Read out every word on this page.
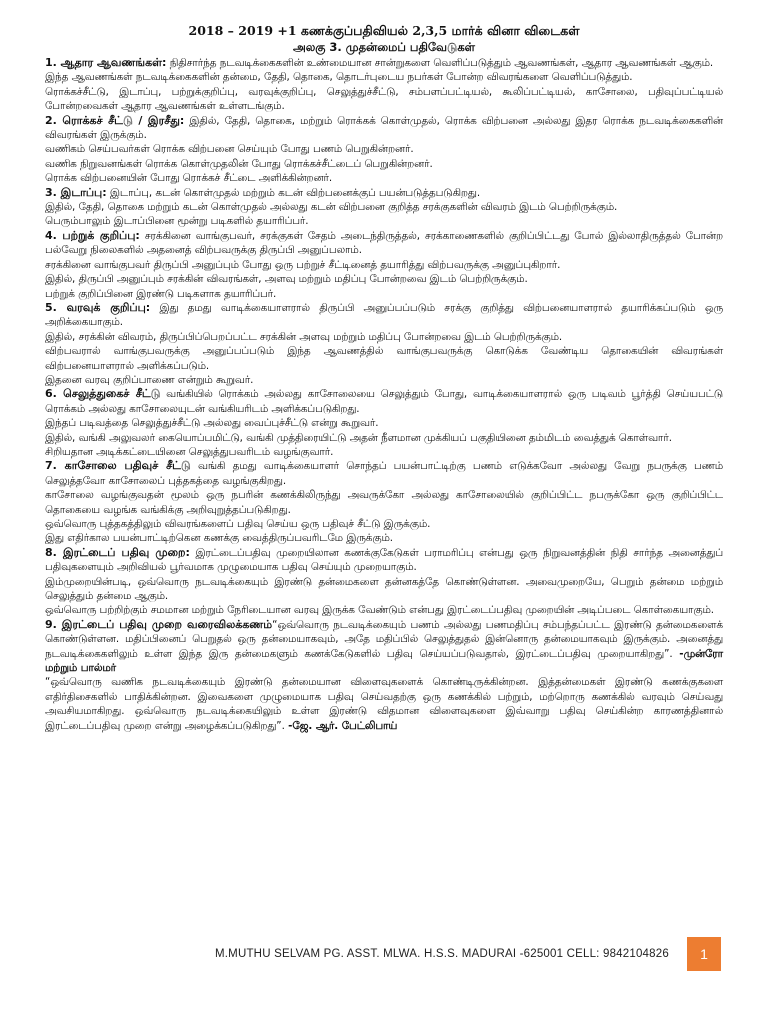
2018 – 2019 +1 கணக்குப்பதிவியல் 2,3,5 மார்க் வினா விடைகள்
அலகு 3. முதன்மைப் பதிவேடுகள்

1. ஆதார ஆவணங்கள்: நிதிசார்ந்த நடவடிக்கைகளின் உண்மையான சான்றுகளை வெளிப்படுத்தும் ஆவணங்கள், ஆதார ஆவணங்கள் ஆகும்.

இந்த ஆவணங்கள் நடவடிக்கைகளின் தன்மை, தேதி, தொகை, தொடர்புடைய நபர்கள் போன்ற விவரங்களை வெளிப்படுத்தும்.

ரொக்கச்சீட்டு, இடாப்பு, பற்றுக்குறிப்பு, வரவுக்குறிப்பு, செலுத்துச்சீட்டு, சம்பளப்பட்டியல், கூலிப்பட்டியல், காசோலை, பதிவுப்பட்டியல் போன்றவைகள் ஆதார ஆவணங்கள் உள்ளடங்கும்.

2. ரொக்கச் சீட்டு / இரசீது: இதில், தேதி, தொகை, மற்றும் ரொக்கக் கொள்முதல், ரொக்க விற்பனை அல்லது இதர ரொக்க நடவடிக்கைகளின் விவரங்கள் இருக்கும்.

வணிகம் செய்பவர்கள் ரொக்க விற்பனை செய்யும் போது பணம் பெறுகின்றனர்.

வணிக நிறுவனங்கள் ரொக்க கொள்முதலின் போது ரொக்கச்சீட்டைப் பெறுகின்றனர்.

ரொக்க விற்பனையின் போது ரொக்கச் சீட்டை அளிக்கின்றனர்.

3. இடாப்பு: இடாப்பு, கடன் கொள்முதல் மற்றும் கடன் விற்பனைக்குப் பயன்படுத்தபடுகிறது.

இதில், தேதி, தொகை மற்றும் கடன் கொள்முதல் அல்லது கடன் விற்பனை குறித்த சரக்குகளின் விவரம் இடம் பெற்றிருக்கும்.

பெரும்பாலும் இடாப்பினை மூன்று படிகளில் தயாரிப்பர்.

4. பற்றுக் குறிப்பு: சரக்கினை வாங்குபவர், சரக்குகள் சேதம் அடைந்திருத்தல், சரக்காணைகளில் குறிப்பிட்டது போல் இல்லாதிருத்தல் போன்ற பல்வேறு நிலைகளில் அதனைத் விற்பவருக்கு திருப்பி அனுப்பலாம்.

சரக்கினை வாங்குபவர் திருப்பி அனுப்பும் போது ஒரு பற்றுச் சீட்டினைத் தயாரித்து விற்பவருக்கு அனுப்புகிறார்.

இதில், திருப்பி அனுப்பும் சரக்கின் விவரங்கள், அளவு மற்றும் மதிப்பு போன்றவை இடம் பெற்றிருக்கும்.

பற்றுக் குறிப்பினை இரண்டு படிகளாக தயாரிப்பர்.

5. வரவுக் குறிப்பு: இது தமது வாடிக்கையாளரால் திருப்பி அனுப்பப்படும் சரக்கு குறித்து விற்பனையாளரால் தயாரிக்கப்படும் ஒரு அறிக்கையாகும்.

இதில், சரக்கின் விவரம், திருப்பிப்பெறப்பட்ட சரக்கின் அளவு மற்றும் மதிப்பு போன்றவை இடம் பெற்றிருக்கும்.

விற்பவரால் வாங்குபவருக்கு அனுப்பப்படும் இந்த ஆவணத்தில் வாங்குபவருக்கு கொடுக்க வேண்டிய தொகையின் விவரங்கள் விற்பனையாளரால் அளிக்கப்படும்.

இதனை வரவு குறிப்பாணை என்றும் கூறுவர்.

6. செலுத்துகைச் சீட்டு வங்கியில் ரொக்கம் அல்லது காசோலையை செலுத்தும் போது, வாடிக்கையாளரால் ஒரு படிவம் பூர்த்தி செய்யபட்டு ரொக்கம் அல்லது காசோலையுடன் வங்கியரிடம் அளிக்கப்படுகிறது.

இந்தப் படிவத்தை செலுத்துச்சீட்டு அல்லது வைப்புச்சீட்டு என்று கூறுவர்.

இதில், வங்கி அலுவலர் கையொப்பமிட்டு, வங்கி முத்திரையிட்டு அதன் நீளமான முக்கியப் பகுதியினை தம்மிடம் வைத்துக் கொள்வார்.

சிறியதான அடிக்கட்டையினை செலுத்துபவரிடம் வழங்குவார்.

7. காசோலை பதிவுச் சீட்டு வங்கி தமது வாடிக்கையாளர் சொந்தப் பயன்பாட்டிற்கு பணம் எடுக்கவோ அல்லது வேறு நபருக்கு பணம் செலுத்தவோ காசோலைப் புத்தகத்தை வழங்குகிறது.

காசோலை வழங்குவதன் மூலம் ஒரு நபரின் கணக்கிலிருந்து அவருக்கோ அல்லது காசோலையில் குறிப்பிட்ட நபருக்கோ ஒரு குறிப்பிட்ட தொகையை வழங்க வங்கிக்கு அறிவுறுத்தப்படுகிறது.

ஒவ்வொரு புத்தகத்திலும் விவரங்களைப் பதிவு செய்ய ஒரு பதிவுச் சீட்டு இருக்கும்.

இது எதிர்கால பயன்பாட்டிற்கென கணக்கு வைத்திருப்பவரிடமே இருக்கும்.

8. இரட்டைப் பதிவு முறை: இரட்டைப்பதிவு முறையிலான கணக்குகேடுகள் பராமரிப்பு என்பது ஒரு நிறுவனத்தின் நிதி சார்ந்த அனைத்துப் பதிவுகளையும் அறிவியல் பூர்வமாக முழுமையாக பதிவு செய்யும் முறையாகும்.

இம்முறையின்படி, ஒவ்வொரு நடவடிக்கையும் இரண்டு தன்மைகளை தன்னகத்தே கொண்டுள்ளன. அவைமுறையே, பெறும் தன்மை மற்றும் செலுத்தும் தன்மை ஆகும்.

ஒவ்வொரு பற்றிற்கும் சமமான மற்றும் நேரிடையான வரவு இருக்க வேண்டும் என்பது இரட்டைப்பதிவு முறையின் அடிப்படை கொள்கையாகும்.

9. இரட்டைப் பதிவு முறை வரைவிலக்கணம்“ஒவ்வொரு நடவடிக்கையும் பணம் அல்லது பணமதிப்பு சம்பந்தப்பட்ட இரண்டு தன்மைகளைக் கொண்டுள்ளன. மதிப்பினைப் பெறுதல் ஒரு தன்மையாகவும், அதே மதிப்பில் செலுத்துதல் இன்னொரு தன்மையாகவும் இருக்கும். அனைத்து நடவடிக்கைகளிலும் உள்ள இந்த இரு தன்மைகளும் கணக்கேடுகளில் பதிவு செய்யப்படுவதால், இரட்டைப்பதிவு முறையாகிறது”. -முன்ரோ மற்றும் பால்மர்

“ஒவ்வொரு வணிக நடவடிக்கையும் இரண்டு தன்மையான விளைவுகளைக் கொண்டிருக்கின்றன. இத்தன்மைகள் இரண்டு கணக்குகளை எதிர்திசைகளில் பாதிக்கின்றன. இவைகளை முழுமையாக பதிவு செய்வதற்கு ஒரு கணக்கில் பற்றும், மற்றொரு கணக்கில் வரவும் செய்வது அவசியமாகிறது. ஒவ்வொரு நடவடிக்கையிலும் உள்ள இரண்டு விதமான விளைவுகளை இவ்வாறு பதிவு செய்கின்ற காரணத்தினால் இரட்டைப்பதிவு முறை என்று அழைக்கப்படுகிறது”. -ஜே. ஆர். பேட்லிபாய்

M.MUTHU SELVAM PG. ASST. MLWA. H.S.S. MADURAI -625001 CELL: 9842104826	1
